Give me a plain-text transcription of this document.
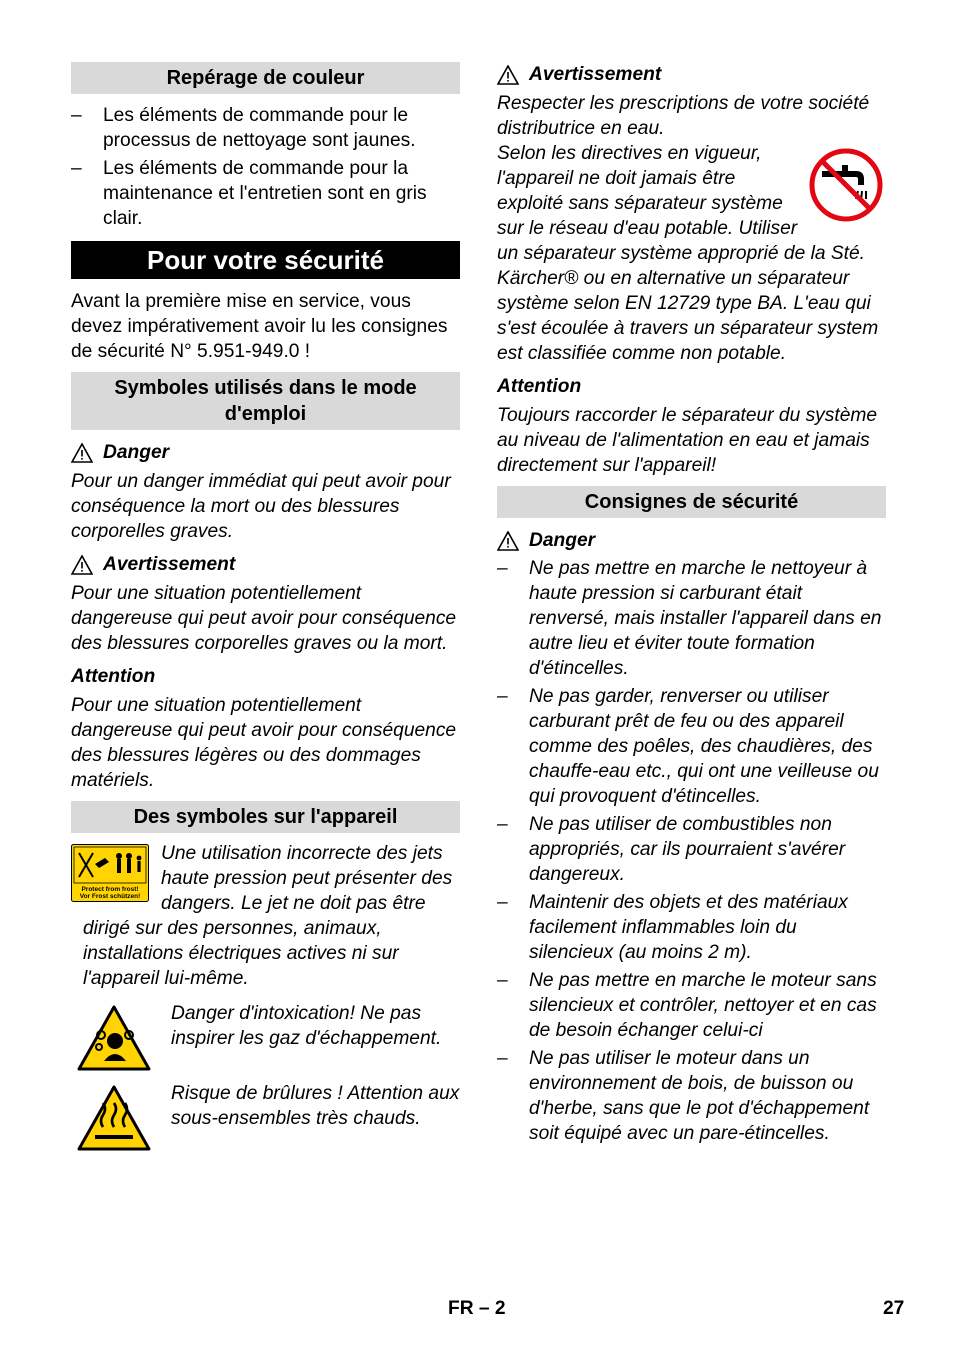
Repérage de couleur
– Les éléments de commande pour le processus de nettoyage sont jaunes.
– Les éléments de commande pour la maintenance et l'entretien sont en gris clair.
Pour votre sécurité

Avant la première mise en service, vous devez impérativement avoir lu les consignes de sécurité N° 5.951-949.0 !

Symboles utilisés dans le mode d'emploi
Danger

Pour un danger immédiat qui peut avoir pour conséquence la mort ou des blessures corporelles graves.

Avertissement

Pour une situation potentiellement dangereuse qui peut avoir pour conséquence des blessures corporelles graves ou la mort.

Attention

Pour une situation potentiellement dangereuse qui peut avoir pour conséquence des blessures légères ou des dommages matériels.

Des symboles sur l'appareil
Protect from frost!
Vor Frost schützen!

Une utilisation incorrecte des jets haute pression peut présenter des dangers. Le jet ne doit pas être dirigé sur des personnes, animaux, installations électriques actives ni sur l'appareil lui-même.

Danger d'intoxication! Ne pas inspirer les gaz d'échappement.

Risque de brûlures ! Attention aux sous-ensembles très chauds.

Avertissement

Respecter les prescriptions de votre société distributrice en eau.

Selon les directives en vigueur, l'appareil ne doit jamais être exploité sans séparateur système sur le réseau d'eau potable. Utiliser un séparateur système approprié de la Sté. Kärcher® ou en alternative un séparateur système selon EN 12729 type BA. L'eau qui s'est écoulée à travers un séparateur system est classifiée comme non potable.

Attention

Toujours raccorder le séparateur du système au niveau de l'alimentation en eau et jamais directement sur l'appareil!

Consignes de sécurité
Danger
– Ne pas mettre en marche le nettoyeur à haute pression si carburant était renversé, mais installer l'appareil dans en autre lieu et éviter toute formation d'étincelles.
– Ne pas garder, renverser ou utiliser carburant prêt de feu ou des appareil comme des poêles, des chaudières, des chauffe-eau etc., qui ont une veilleuse ou qui provoquent d'étincelles.
– Ne pas utiliser de combustibles non appropriés, car ils pourraient s'avérer dangereux.
– Maintenir des objets et des matériaux facilement inflammables loin du silencieux (au moins 2 m).
– Ne pas mettre en marche le moteur sans silencieux et contrôler, nettoyer et en cas de besoin échanger celui-ci
– Ne pas utiliser le moteur dans un environnement de bois, de buisson ou d'herbe, sans que le pot d'échappement soit équipé avec un pare-étincelles.
FR – 2	27
